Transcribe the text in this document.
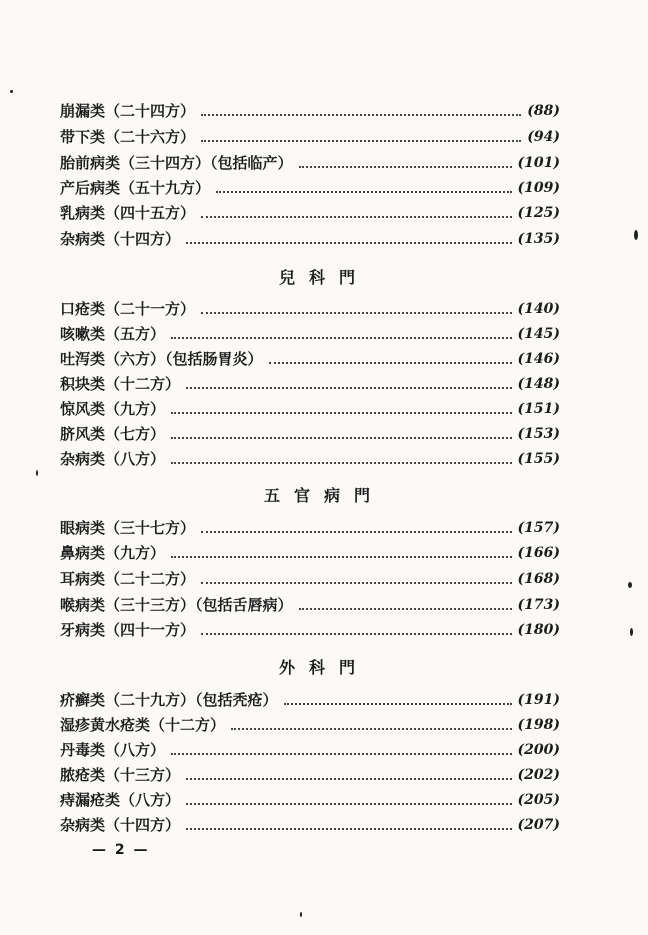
崩漏类（二十四方）	(88)
带下类（二十六方）	(94)
胎前病类（三十四方）（包括临产）	(101)
产后病类（五十九方）	(109)
乳病类（四十五方）	(125)
杂病类（十四方）	(135)
兒科門
口疮类（二十一方）	(140)
咳嗽类（五方）	(145)
吐泻类（六方）（包括肠胃炎）	(146)
积块类（十二方）	(148)
惊风类（九方）	(151)
脐风类（七方）	(153)
杂病类（八方）	(155)
五官病門
眼病类（三十七方）	(157)
鼻病类（九方）	(166)
耳病类（二十二方）	(168)
喉病类（三十三方）（包括舌唇病）	(173)
牙病类（四十一方）	(180)
外科門
疥癣类（二十九方）（包括秃疮）	(191)
湿疹黄水疮类（十二方）	(198)
丹毒类（八方）	(200)
脓疮类（十三方）	(202)
痔漏疮类（八方）	(205)
杂病类（十四方）	(207)
— 2 —
